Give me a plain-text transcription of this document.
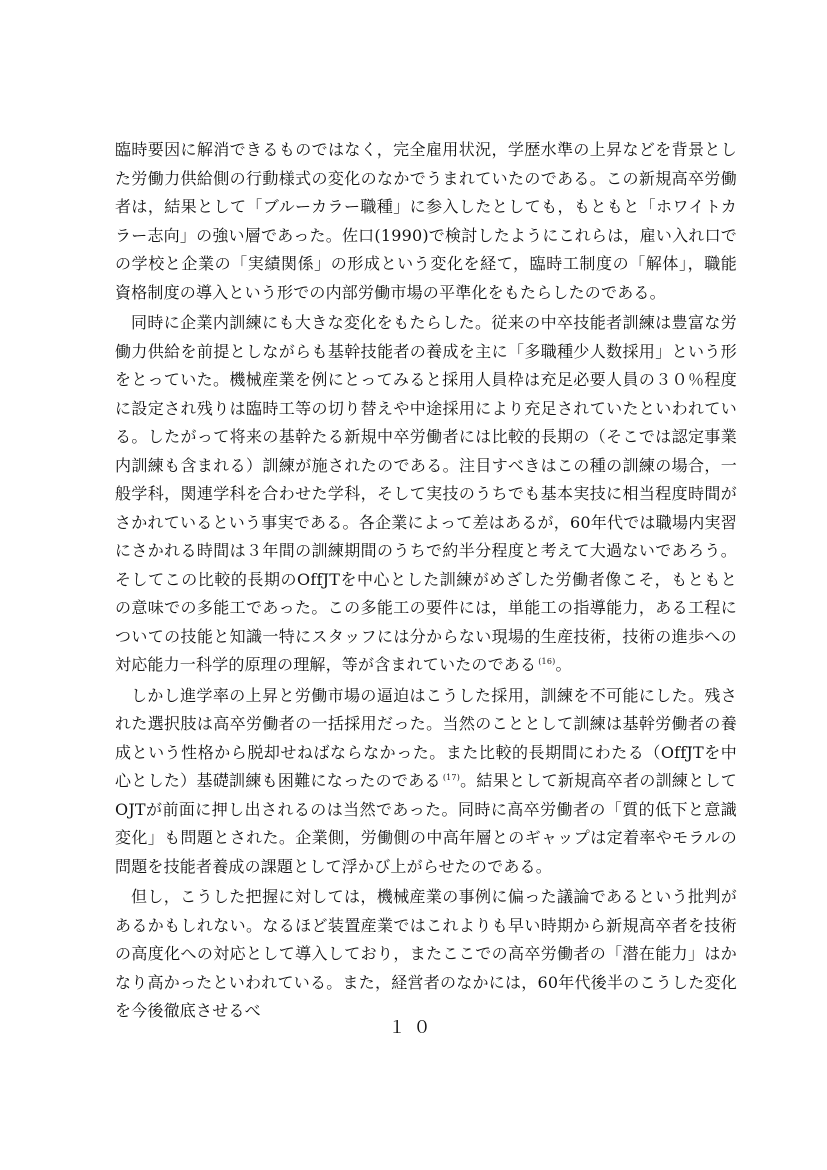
臨時要因に解消できるものではなく，完全雇用状況，学歴水準の上昇などを背景とした労働力供給側の行動様式の変化のなかでうまれていたのである。この新規高卒労働者は，結果として「ブルーカラー職種」に参入したとしても，もともと「ホワイトカラー志向」の強い層であった。佐口(1990)で検討したようにこれらは，雇い入れ口での学校と企業の「実績関係」の形成という変化を経て，臨時工制度の「解体」，職能資格制度の導入という形での内部労働市場の平準化をもたらしたのである。

同時に企業内訓練にも大きな変化をもたらした。従来の中卒技能者訓練は豊富な労働力供給を前提としながらも基幹技能者の養成を主に「多職種少人数採用」という形をとっていた。機械産業を例にとってみると採用人員枠は充足必要人員の３０％程度に設定され残りは臨時工等の切り替えや中途採用により充足されていたといわれている。したがって将来の基幹たる新規中卒労働者には比較的長期の（そこでは認定事業内訓練も含まれる）訓練が施されたのである。注目すべきはこの種の訓練の場合，一般学科，関連学科を合わせた学科，そして実技のうちでも基本実技に相当程度時間がさかれているという事実である。各企業によって差はあるが，60年代では職場内実習にさかれる時間は３年間の訓練期間のうちで約半分程度と考えて大過ないであろう。そしてこの比較的長期のOffJTを中心とした訓練がめざした労働者像こそ，もともとの意味での多能工であった。この多能工の要件には，単能工の指導能力，ある工程についての技能と知識一特にスタッフには分からない現場的生産技術，技術の進歩への対応能力一科学的原理の理解，等が含まれていたのである $^{(16)}$。

しかし進学率の上昇と労働市場の逼迫はこうした採用，訓練を不可能にした。残された選択肢は高卒労働者の一括採用だった。当然のこととして訓練は基幹労働者の養成という性格から脱却せねばならなかった。また比較的長期間にわたる（OffJTを中心とした）基礎訓練も困難になったのである $^{(17)}$。結果として新規高卒者の訓練としてOJTが前面に押し出されるのは当然であった。同時に高卒労働者の「質的低下と意識変化」も問題とされた。企業側，労働側の中高年層とのギャップは定着率やモラルの問題を技能者養成の課題として浮かび上がらせたのである。

但し，こうした把握に対しては，機械産業の事例に偏った議論であるという批判があるかもしれない。なるほど装置産業ではこれよりも早い時期から新規高卒者を技術の高度化への対応として導入しており，またここでの高卒労働者の「潜在能力」はかなり高かったといわれている。また，経営者のなかには，60年代後半のこうした変化を今後徹底させるべ

１０
